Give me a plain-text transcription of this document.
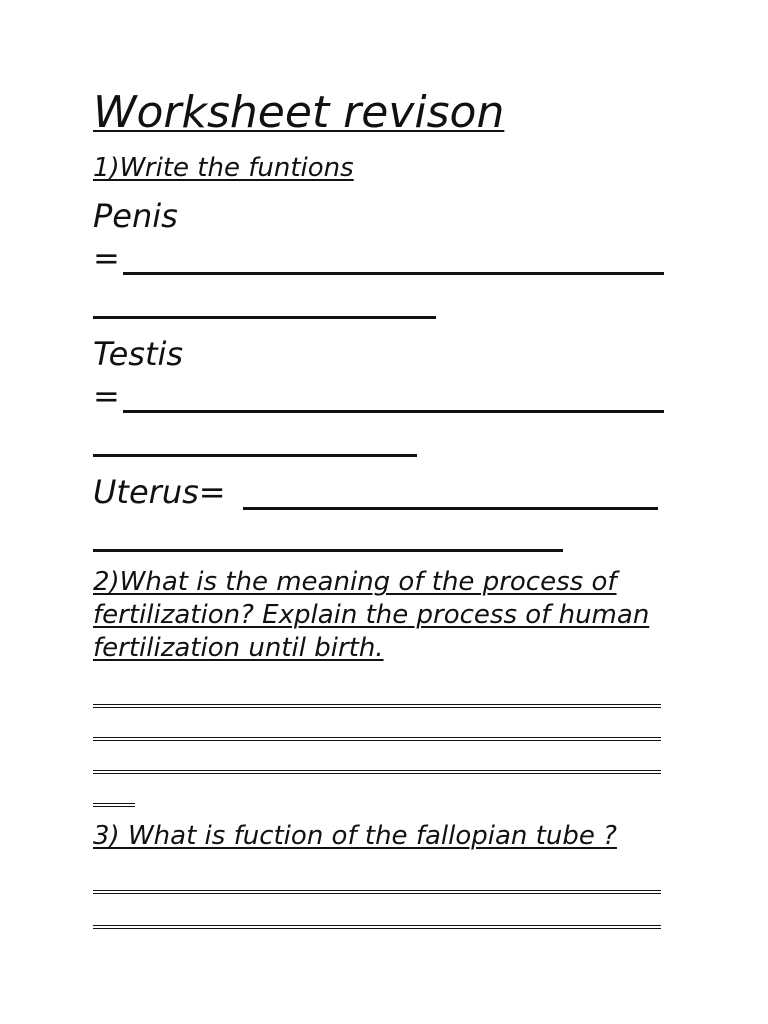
Worksheet revison
1)Write the funtions
Penis
=
Testis
=
Uterus=
2)What is the meaning of the process of fertilization? Explain the process of human fertilization until birth.
3) What is fuction of the fallopian tube ?
